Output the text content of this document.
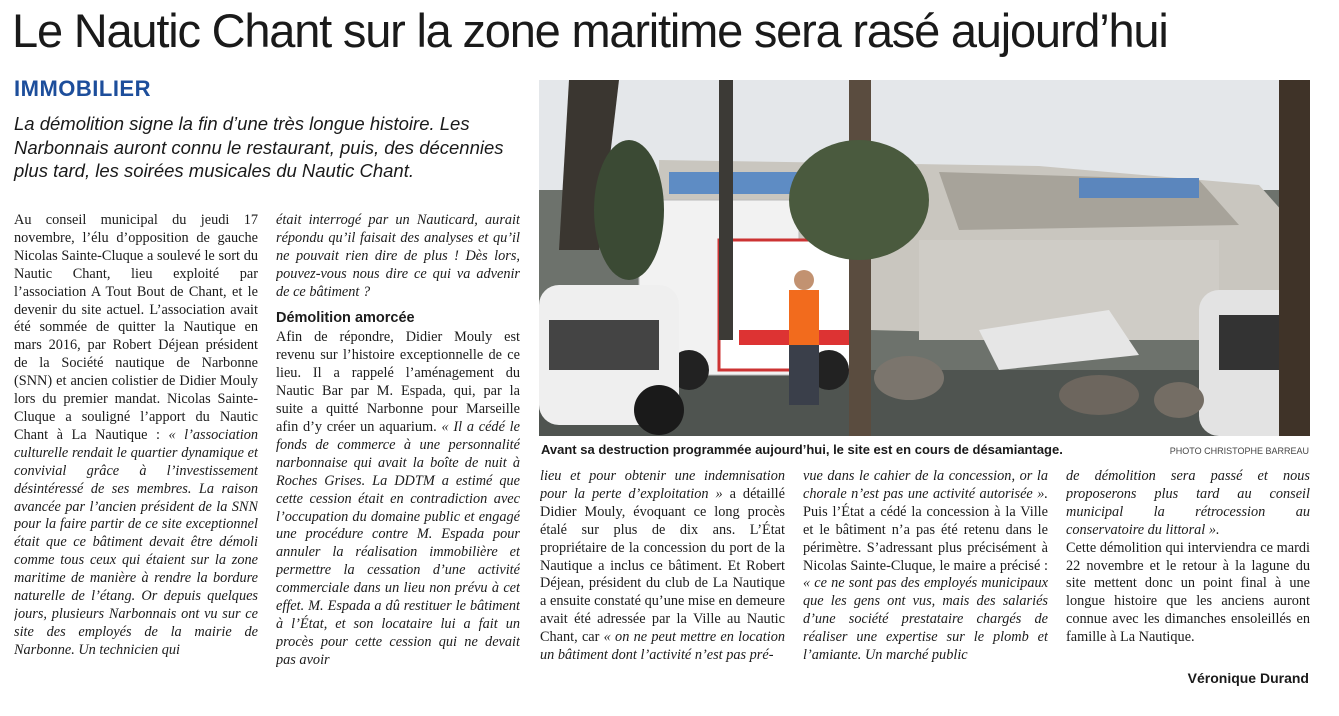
Le Nautic Chant sur la zone maritime sera rasé aujourd’hui
IMMOBILIER
La démolition signe la fin d’une très longue histoire. Les Narbonnais auront connu le restaurant, puis, des décennies plus tard, les soirées musicales du Nautic Chant.

Au conseil municipal du jeudi 17 novembre, l’élu d’opposition de gauche Nicolas Sainte-Cluque a soulevé le sort du Nautic Chant, lieu exploité par l’association A Tout Bout de Chant, et le devenir du site actuel. L’association avait été sommée de quitter la Nautique en mars 2016, par Robert Déjean président de la Société nautique de Narbonne (SNN) et ancien colistier de Didier Mouly lors du premier mandat. Nicolas Sainte-Cluque a souligné l’apport du Nautic Chant à La Nautique : « l’association culturelle rendait le quartier dynamique et convivial grâce à l’investissement désintéressé de ses membres. La raison avancée par l’ancien président de la SNN pour la faire partir de ce site exceptionnel était que ce bâtiment devait être démoli comme tous ceux qui étaient sur la zone maritime de manière à rendre la bordure naturelle de l’étang. Or depuis quelques jours, plusieurs Narbonnais ont vu sur ce site des employés de la mairie de Narbonne. Un technicien qui

était interrogé par un Nauticard, aurait répondu qu’il faisait des analyses et qu’il ne pouvait rien dire de plus ! Dès lors, pouvez-vous nous dire ce qui va advenir de ce bâtiment ?

Démolition amorcée

Afin de répondre, Didier Mouly est revenu sur l’histoire exceptionnelle de ce lieu. Il a rappelé l’aménagement du Nautic Bar par M. Espada, qui, par la suite a quitté Narbonne pour Marseille afin d’y créer un aquarium. « Il a cédé le fonds de commerce à une personnalité narbonnaise qui avait la boîte de nuit à Roches Grises. La DDTM a estimé que cette cession était en contradiction avec l’occupation du domaine public et engagé une procédure contre M. Espada pour annuler la réalisation immobilière et permettre la cessation d’une activité commerciale dans un lieu non prévu à cet effet. M. Espada a dû restituer le bâtiment à l’État, et son locataire lui a fait un procès pour cette cession qui ne devait pas avoir

Avant sa destruction programmée aujourd’hui, le site est en cours de désamiantage.	PHOTO CHRISTOPHE BARREAU

lieu et pour obtenir une indemnisation pour la perte d’exploitation » a détaillé Didier Mouly, évoquant ce long procès étalé sur plus de dix ans. L’État propriétaire de la concession du port de la Nautique a inclus ce bâtiment. Et Robert Déjean, président du club de La Nautique a ensuite constaté qu’une mise en demeure avait été adressée par la Ville au Nautic Chant, car « on ne peut mettre en location un bâtiment dont l’activité n’est pas pré-

vue dans le cahier de la concession, or la chorale n’est pas une activité autorisée ». Puis l’État a cédé la concession à la Ville et le bâtiment n’a pas été retenu dans le périmètre. S’adressant plus précisément à Nicolas Sainte-Cluque, le maire a précisé : « ce ne sont pas des employés municipaux que les gens ont vus, mais des salariés d’une société prestataire chargés de réaliser une expertise sur le plomb et l’amiante. Un marché public

de démolition sera passé et nous proposerons plus tard au conseil municipal la rétrocession au conservatoire du littoral ».

Cette démolition qui interviendra ce mardi 22 novembre et le retour à la lagune du site mettent donc un point final à une longue histoire que les anciens auront connue avec les dimanches ensoleillés en famille à La Nautique.

Véronique Durand
